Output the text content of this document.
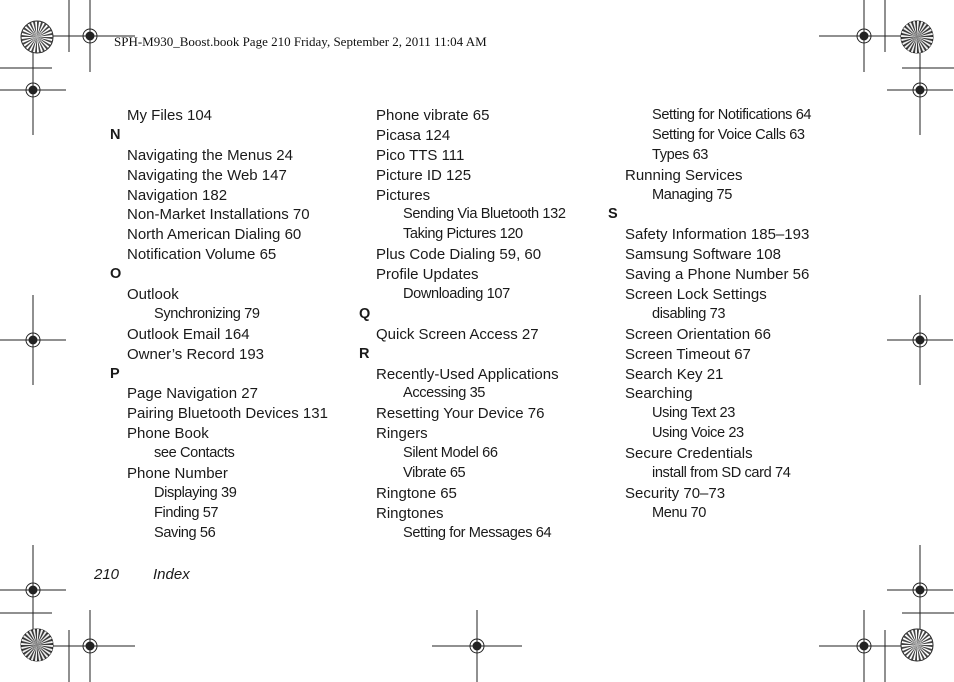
SPH-M930_Boost.book Page 210 Friday, September 2, 2011 11:04 AM
My Files 104
N
Navigating the Menus 24
Navigating the Web 147
Navigation 182
Non-Market Installations 70
North American Dialing 60
Notification Volume 65
O
Outlook
Synchronizing 79
Outlook Email 164
Owner’s Record 193
P
Page Navigation 27
Pairing Bluetooth Devices 131
Phone Book
see Contacts
Phone Number
Displaying 39
Finding 57
Saving 56
Phone vibrate 65
Picasa 124
Pico TTS 111
Picture ID 125
Pictures
Sending Via Bluetooth 132
Taking Pictures 120
Plus Code Dialing 59, 60
Profile Updates
Downloading 107
Q
Quick Screen Access 27
R
Recently-Used Applications
Accessing 35
Resetting Your Device 76
Ringers
Silent Model 66
Vibrate 65
Ringtone 65
Ringtones
Setting for Messages 64
Setting for Notifications 64
Setting for Voice Calls 63
Types 63
Running Services
Managing 75
S
Safety Information 185–193
Samsung Software 108
Saving a Phone Number 56
Screen Lock Settings
disabling 73
Screen Orientation 66
Screen Timeout 67
Search Key 21
Searching
Using Text 23
Using Voice 23
Secure Credentials
install from SD card 74
Security 70–73
Menu 70
210 Index
